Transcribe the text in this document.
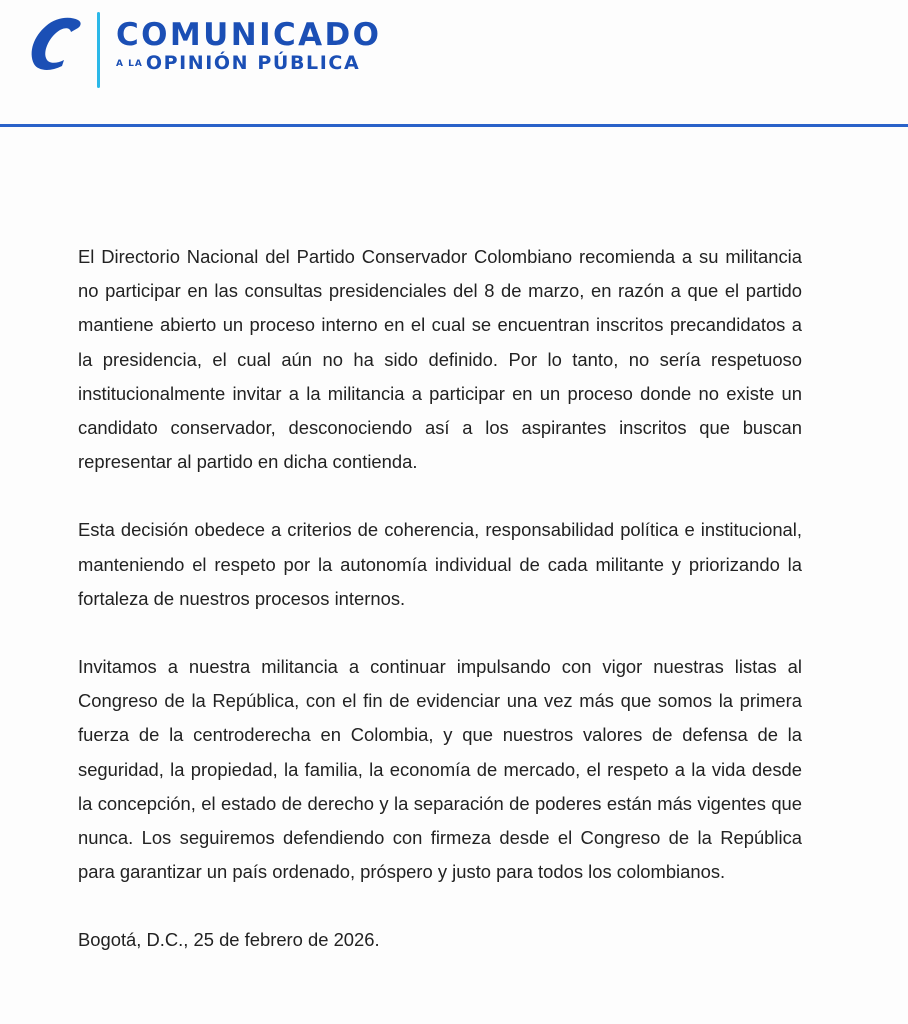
COMUNICADO
A LA OPINIÓN PÚBLICA

El Directorio Nacional del Partido Conservador Colombiano recomienda a su militancia no participar en las consultas presidenciales del 8 de marzo, en razón a que el partido mantiene abierto un proceso interno en el cual se encuentran inscritos precandidatos a la presidencia, el cual aún no ha sido definido. Por lo tanto, no sería respetuoso institucionalmente invitar a la militancia a participar en un proceso donde no existe un candidato conservador, desconociendo así a los aspirantes inscritos que buscan representar al partido en dicha contienda.

Esta decisión obedece a criterios de coherencia, responsabilidad política e institucional, manteniendo el respeto por la autonomía individual de cada militante y priorizando la fortaleza de nuestros procesos internos.

Invitamos a nuestra militancia a continuar impulsando con vigor nuestras listas al Congreso de la República, con el fin de evidenciar una vez más que somos la primera fuerza de la centroderecha en Colombia, y que nuestros valores de defensa de la seguridad, la propiedad, la familia, la economía de mercado, el respeto a la vida desde la concepción, el estado de derecho y la separación de poderes están más vigentes que nunca. Los seguiremos defendiendo con firmeza desde el Congreso de la República para garantizar un país ordenado, próspero y justo para todos los colombianos.

Bogotá, D.C., 25 de febrero de 2026.
